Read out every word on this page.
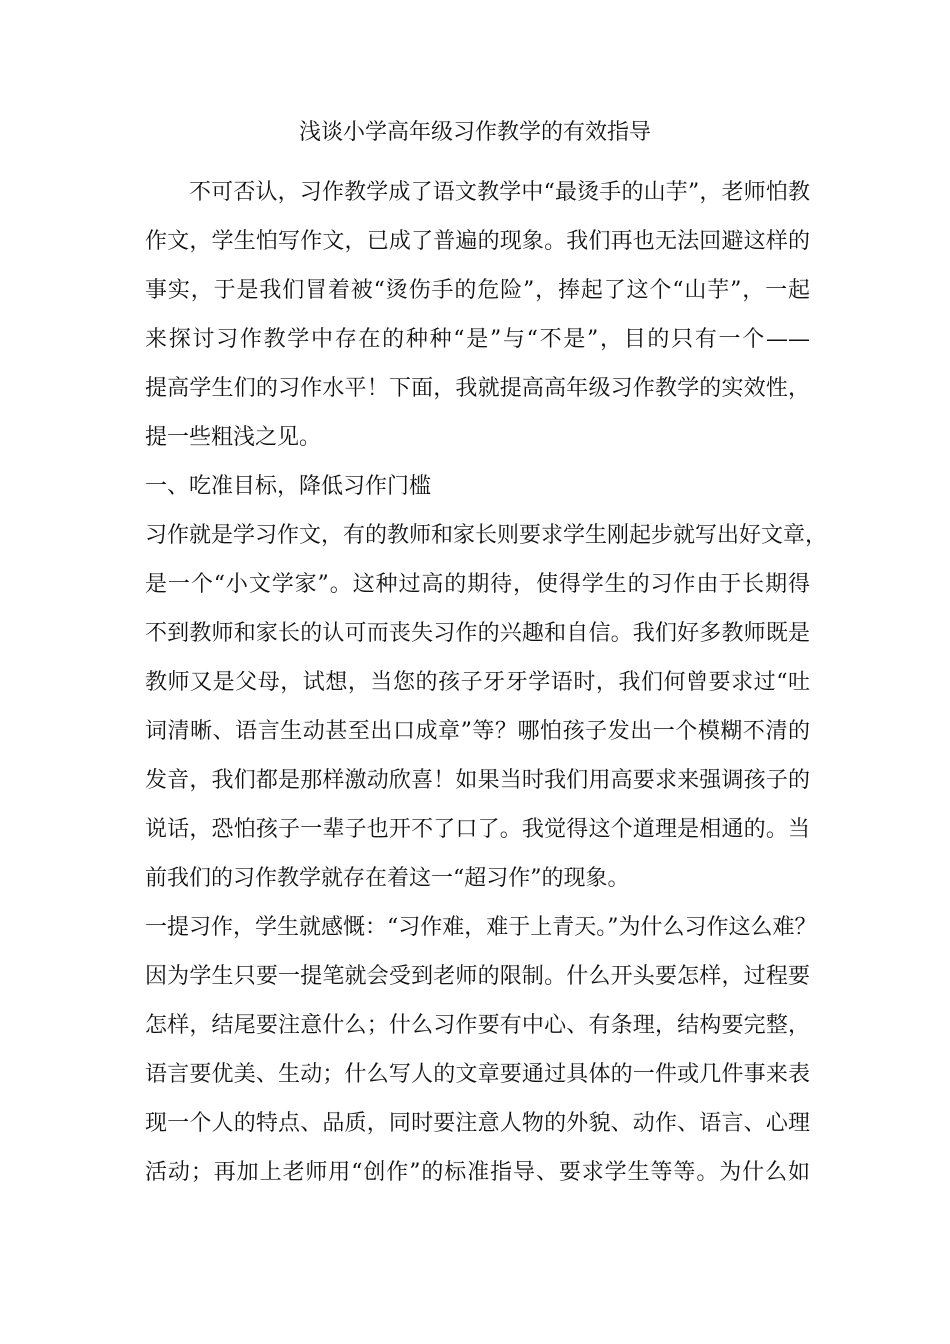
浅谈小学高年级习作教学的有效指导
不可否认，习作教学成了语文教学中“最烫手的山芋”，老师怕教
作文，学生怕写作文，已成了普遍的现象。我们再也无法回避这样的
事实，于是我们冒着被“烫伤手的危险”，捧起了这个“山芋”，一起
来探讨习作教学中存在的种种“是”与“不是”，目的只有一个——
提高学生们的习作水平！下面，我就提高高年级习作教学的实效性，
提一些粗浅之见。
一、吃准目标，降低习作门槛
习作就是学习作文，有的教师和家长则要求学生刚起步就写出好文章，
是一个“小文学家”。这种过高的期待，使得学生的习作由于长期得
不到教师和家长的认可而丧失习作的兴趣和自信。我们好多教师既是
教师又是父母，试想，当您的孩子牙牙学语时，我们何曾要求过“吐
词清晰、语言生动甚至出口成章”等？哪怕孩子发出一个模糊不清的
发音，我们都是那样激动欣喜！如果当时我们用高要求来强调孩子的
说话，恐怕孩子一辈子也开不了口了。我觉得这个道理是相通的。当
前我们的习作教学就存在着这一“超习作”的现象。
一提习作，学生就感慨：“习作难，难于上青天。”为什么习作这么难？
因为学生只要一提笔就会受到老师的限制。什么开头要怎样，过程要
怎样，结尾要注意什么；什么习作要有中心、有条理，结构要完整，
语言要优美、生动；什么写人的文章要通过具体的一件或几件事来表
现一个人的特点、品质，同时要注意人物的外貌、动作、语言、心理
活动；再加上老师用“创作”的标准指导、要求学生等等。为什么如
